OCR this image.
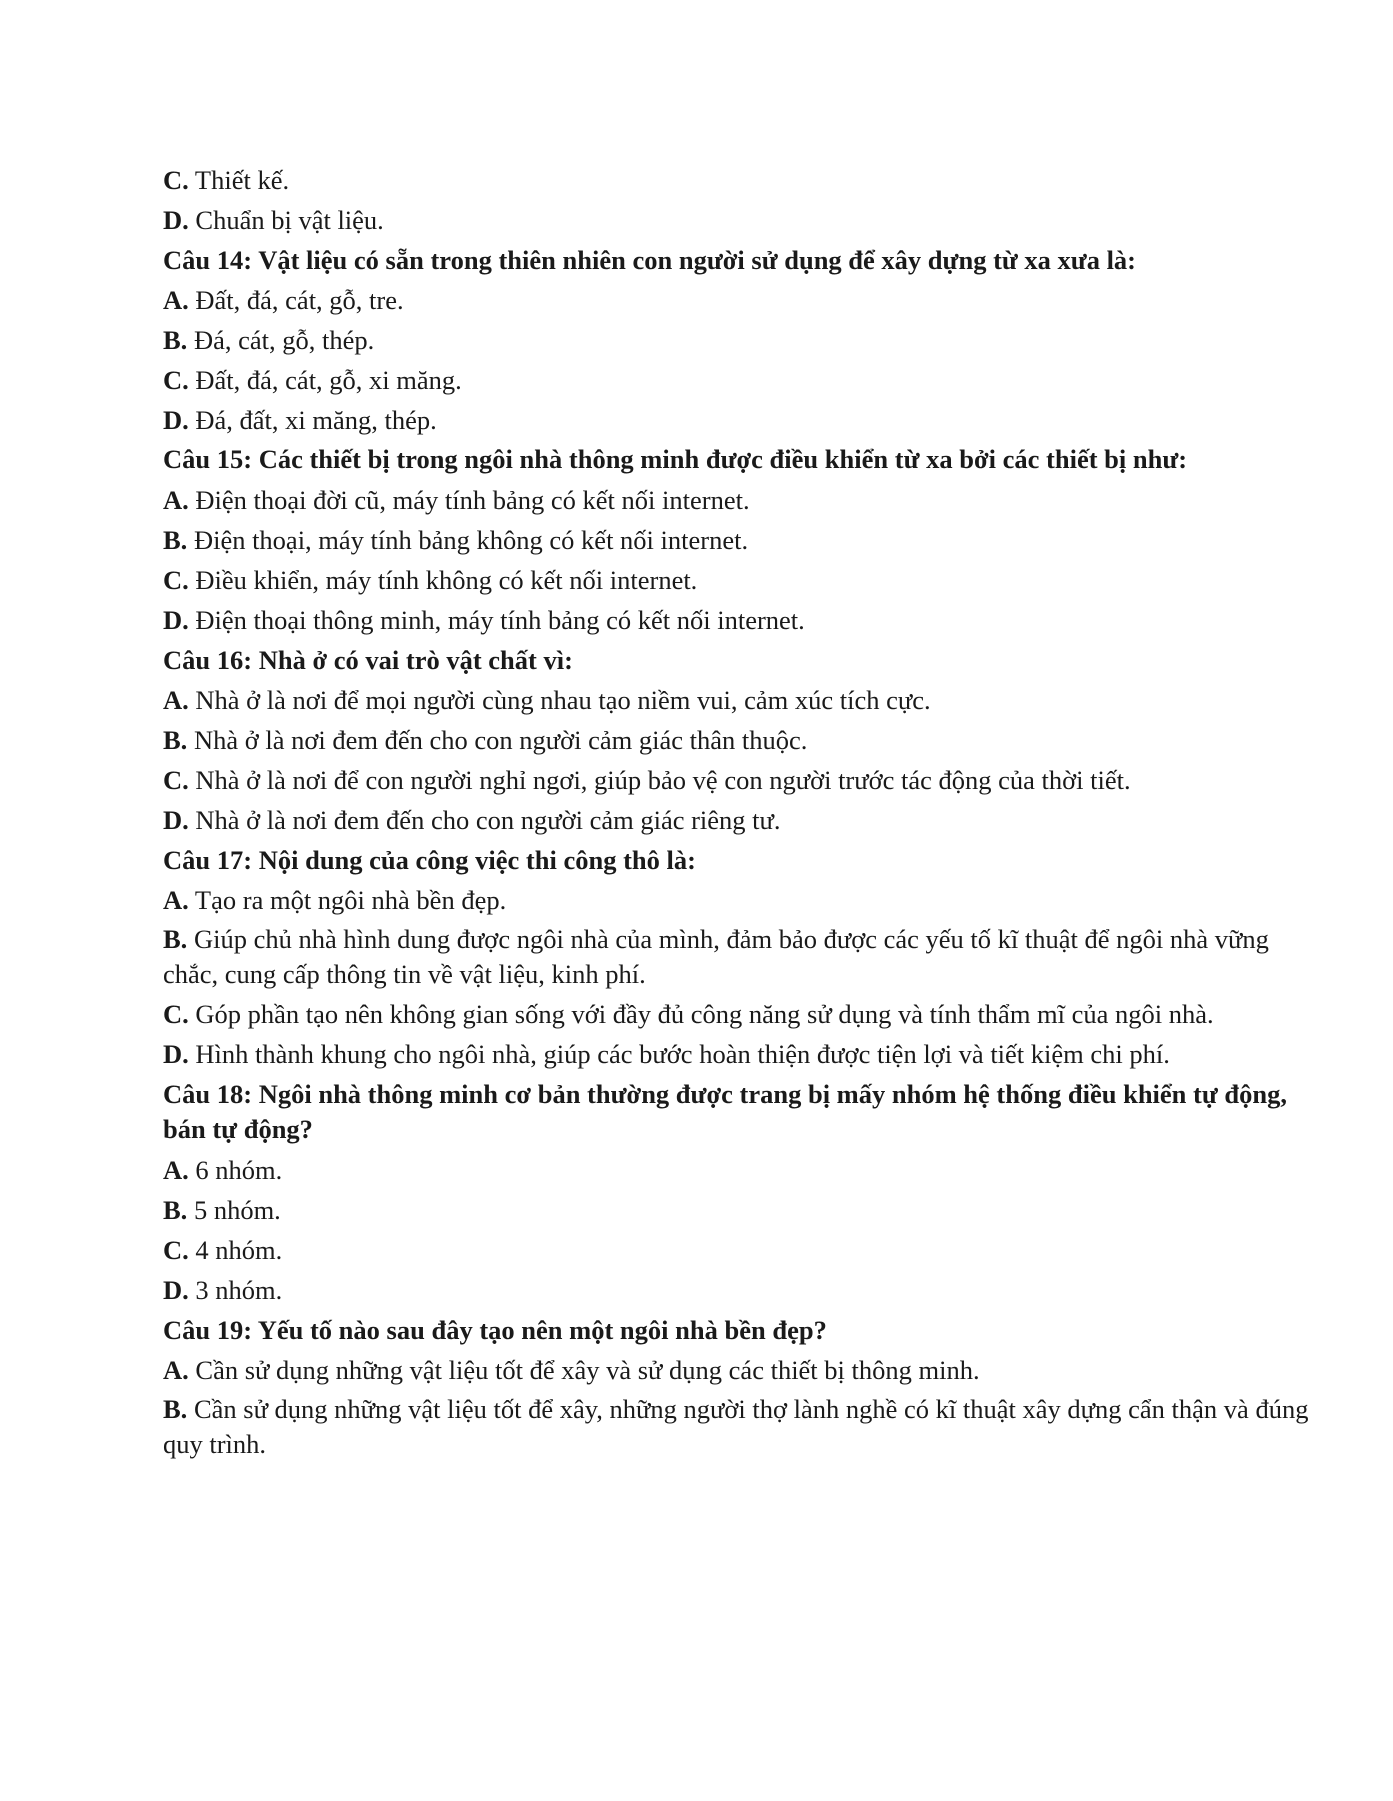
C. Thiết kế.

D. Chuẩn bị vật liệu.

Câu 14: Vật liệu có sẵn trong thiên nhiên con người sử dụng để xây dựng từ xa xưa là:

A. Đất, đá, cát, gỗ, tre.

B. Đá, cát, gỗ, thép.

C. Đất, đá, cát, gỗ, xi măng.

D. Đá, đất, xi măng, thép.

Câu 15: Các thiết bị trong ngôi nhà thông minh được điều khiển từ xa bởi các thiết bị như:

A. Điện thoại đời cũ, máy tính bảng có kết nối internet.

B. Điện thoại, máy tính bảng không có kết nối internet.

C. Điều khiển, máy tính không có kết nối internet.

D. Điện thoại thông minh, máy tính bảng có kết nối internet.

Câu 16: Nhà ở có vai trò vật chất vì:

A. Nhà ở là nơi để mọi người cùng nhau tạo niềm vui, cảm xúc tích cực.

B. Nhà ở là nơi đem đến cho con người cảm giác thân thuộc.

C. Nhà ở là nơi để con người nghỉ ngơi, giúp bảo vệ con người trước tác động của thời tiết.

D. Nhà ở là nơi đem đến cho con người cảm giác riêng tư.

Câu 17: Nội dung của công việc thi công thô là:

A. Tạo ra một ngôi nhà bền đẹp.

B. Giúp chủ nhà hình dung được ngôi nhà của mình, đảm bảo được các yếu tố kĩ thuật để ngôi nhà vững chắc, cung cấp thông tin về vật liệu, kinh phí.

C. Góp phần tạo nên không gian sống với đầy đủ công năng sử dụng và tính thẩm mĩ của ngôi nhà.

D. Hình thành khung cho ngôi nhà, giúp các bước hoàn thiện được tiện lợi và tiết kiệm chi phí.

Câu 18: Ngôi nhà thông minh cơ bản thường được trang bị mấy nhóm hệ thống điều khiển tự động, bán tự động?

A. 6 nhóm.

B. 5 nhóm.

C. 4 nhóm.

D. 3 nhóm.

Câu 19: Yếu tố nào sau đây tạo nên một ngôi nhà bền đẹp?

A. Cần sử dụng những vật liệu tốt để xây và sử dụng các thiết bị thông minh.

B. Cần sử dụng những vật liệu tốt để xây, những người thợ lành nghề có kĩ thuật xây dựng cẩn thận và đúng quy trình.
